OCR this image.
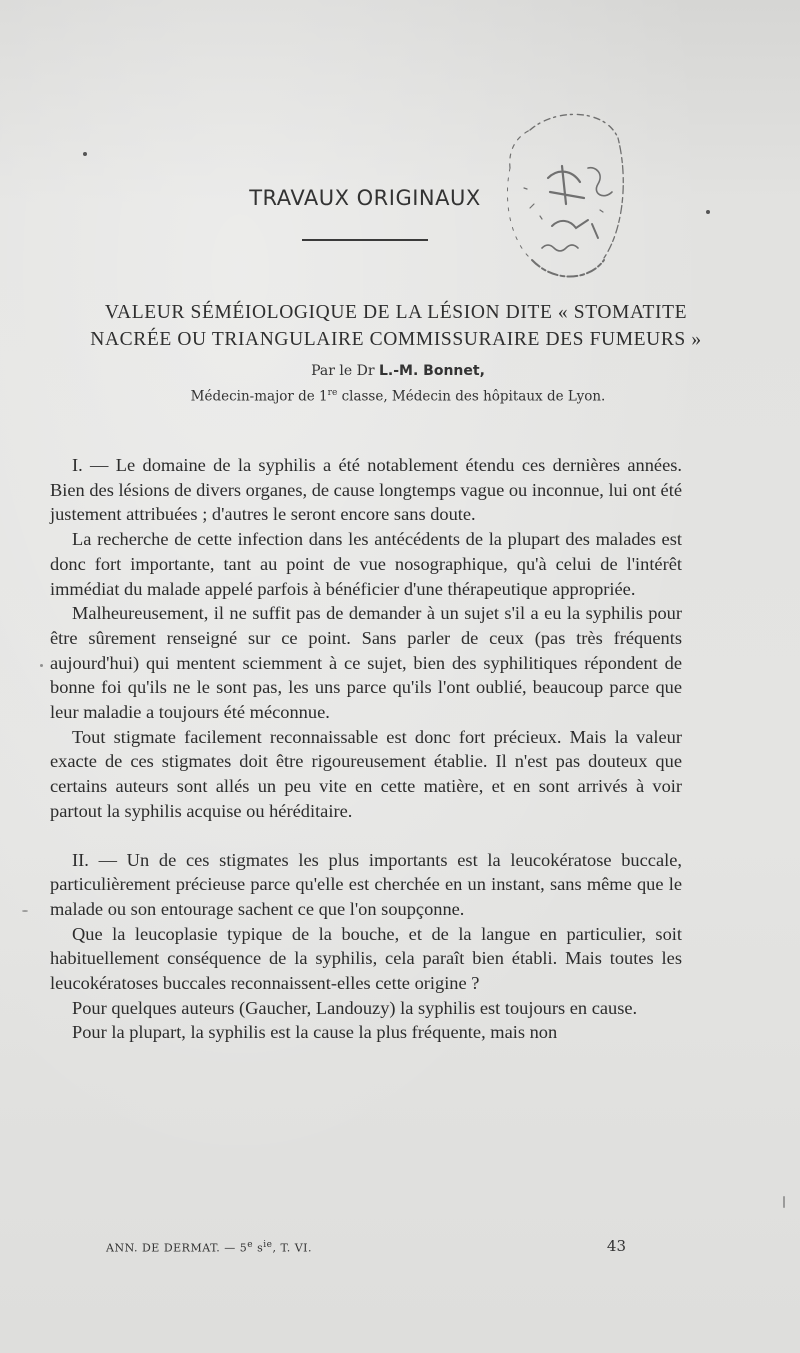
TRAVAUX ORIGINAUX
VALEUR SÉMÉIOLOGIQUE DE LA LÉSION DITE « STOMATITE
NACRÉE OU TRIANGULAIRE COMMISSURAIRE DES FUMEURS »
Par le Dr L.-M. Bonnet,
Médecin-major de 1re classe, Médecin des hôpitaux de Lyon.

I. — Le domaine de la syphilis a été notablement étendu ces dernières années. Bien des lésions de divers organes, de cause longtemps vague ou inconnue, lui ont été justement attribuées ; d'autres le seront encore sans doute.

La recherche de cette infection dans les antécédents de la plupart des malades est donc fort importante, tant au point de vue nosographique, qu'à celui de l'intérêt immédiat du malade appelé parfois à bénéficier d'une thérapeutique appropriée.

Malheureusement, il ne suffit pas de demander à un sujet s'il a eu la syphilis pour être sûrement renseigné sur ce point. Sans parler de ceux (pas très fréquents aujourd'hui) qui mentent sciemment à ce sujet, bien des syphilitiques répondent de bonne foi qu'ils ne le sont pas, les uns parce qu'ils l'ont oublié, beaucoup parce que leur maladie a toujours été méconnue.

Tout stigmate facilement reconnaissable est donc fort précieux. Mais la valeur exacte de ces stigmates doit être rigoureusement établie. Il n'est pas douteux que certains auteurs sont allés un peu vite en cette matière, et en sont arrivés à voir partout la syphilis acquise ou héréditaire.

II. — Un de ces stigmates les plus importants est la leucokératose buccale, particulièrement précieuse parce qu'elle est cherchée en un instant, sans même que le malade ou son entourage sachent ce que l'on soupçonne.

Que la leucoplasie typique de la bouche, et de la langue en particulier, soit habituellement conséquence de la syphilis, cela paraît bien établi. Mais toutes les leucokératoses buccales reconnaissent-elles cette origine ?

Pour quelques auteurs (Gaucher, Landouzy) la syphilis est toujours en cause.

Pour la plupart, la syphilis est la cause la plus fréquente, mais non

ANN. DE DERMAT. — 5e $s^{ie}$, T. VI.	43
